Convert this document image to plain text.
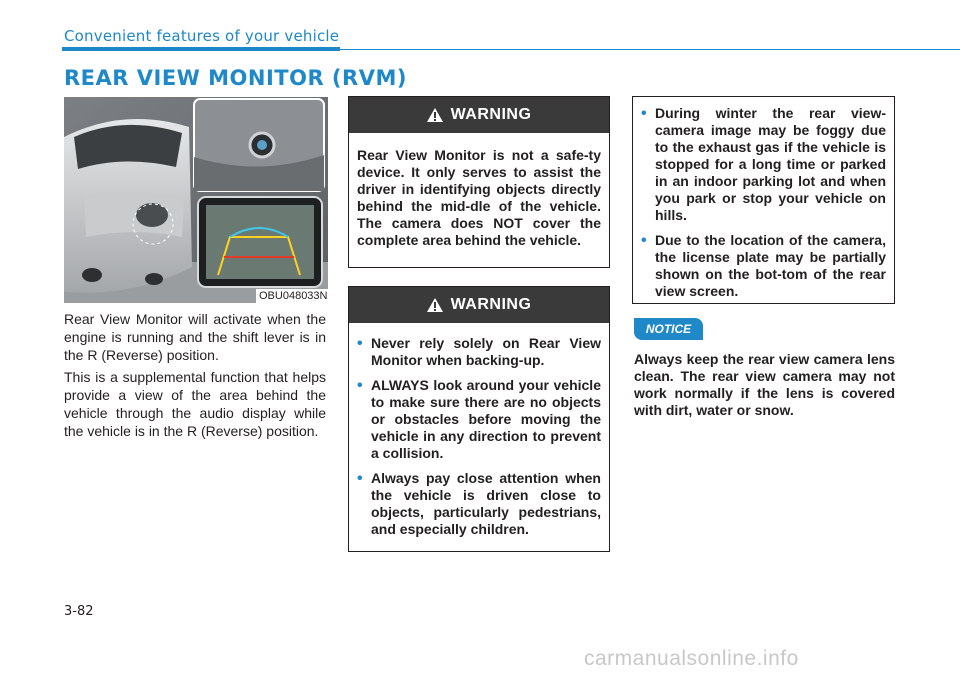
Convenient features of your vehicle
REAR VIEW MONITOR (RVM)
OBU048033N

Rear View Monitor will activate when the engine is running and the shift lever is in the R (Reverse) position.

This is a supplemental function that helps provide a view of the area behind the vehicle through the audio display while the vehicle is in the R (Reverse) position.

WARNING
Rear View Monitor is not a safe-ty device. It only serves to assist the driver in identifying objects directly behind the mid-dle of the vehicle. The camera does NOT cover the complete area behind the vehicle.
WARNING
• Never rely solely on Rear View Monitor when backing-up.
• ALWAYS look around your vehicle to make sure there are no objects or obstacles before moving the vehicle in any direction to prevent a collision.
• Always pay close attention when the vehicle is driven close to objects, particularly pedestrians, and especially children.
• During winter the rear view-camera image may be foggy due to the exhaust gas if the vehicle is stopped for a long time or parked in an indoor parking lot and when you park or stop your vehicle on hills.
• Due to the location of the camera, the license plate may be partially shown on the bot-tom of the rear view screen.
NOTICE

Always keep the rear view camera lens clean. The rear view camera may not work normally if the lens is covered with dirt, water or snow.

3-82
carmanualsonline.info
